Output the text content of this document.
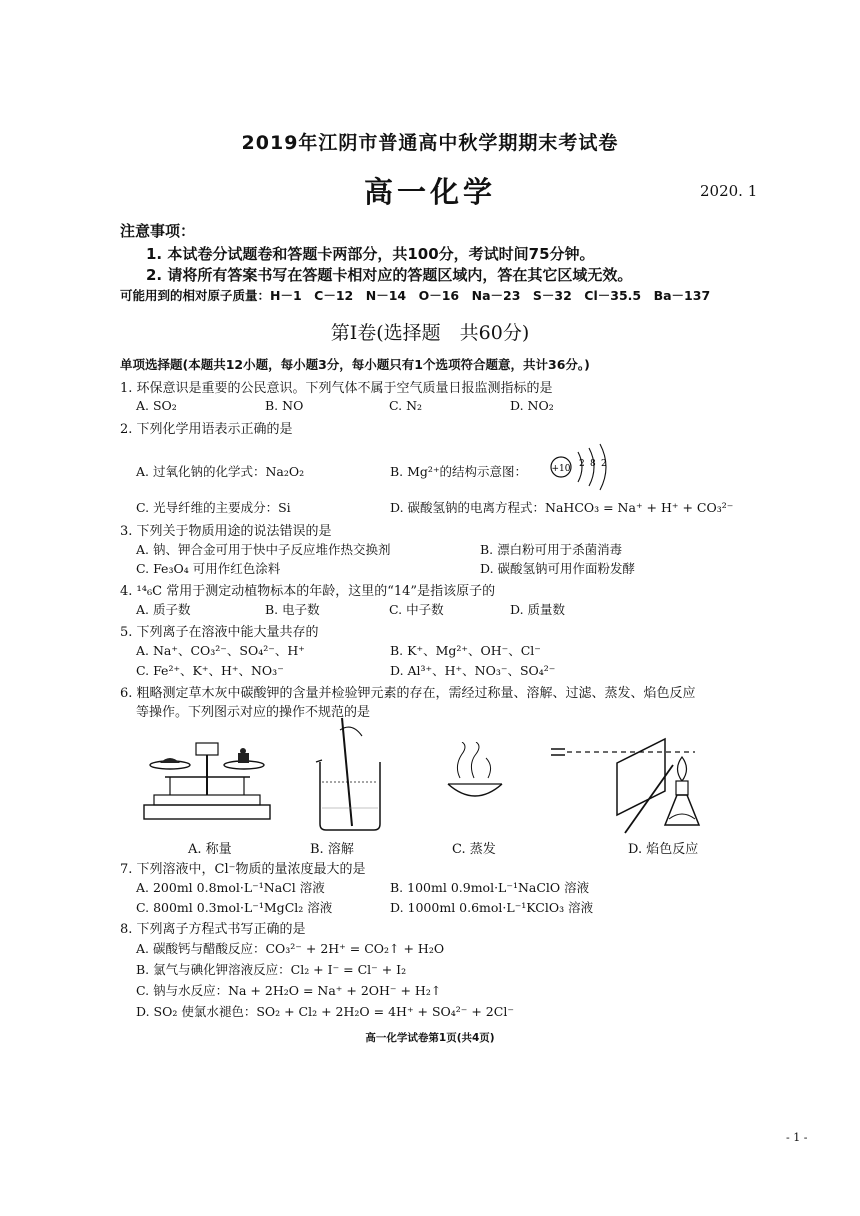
2019年江阴市普通高中秋学期期末考试卷
高一化学	2020. 1
注意事项：
1. 本试卷分试题卷和答题卡两部分，共100分，考试时间75分钟。
2. 请将所有答案书写在答题卡相对应的答题区域内，答在其它区域无效。
可能用到的相对原子质量：H－1　C－12　N－14　O－16　Na－23　S－32　Cl－35.5　Ba－137
第Ⅰ卷(选择题　共60分)
单项选择题(本题共12小题，每小题3分，每小题只有1个选项符合题意，共计36分。)
1. 环保意识是重要的公民意识。下列气体不属于空气质量日报监测指标的是
A. SO₂	B. NO	C. N₂	D. NO₂
2. 下列化学用语表示正确的是
A. 过氧化钠的化学式：Na₂O₂	B. Mg²⁺的结构示意图：	+10 2 8 2
C. 光导纤维的主要成分：Si	D. 碳酸氢钠的电离方程式：NaHCO₃ = Na⁺ + H⁺ + CO₃²⁻
3. 下列关于物质用途的说法错误的是
A. 钠、钾合金可用于快中子反应堆作热交换剂	B. 漂白粉可用于杀菌消毒
C. Fe₃O₄ 可用作红色涂料	D. 碳酸氢钠可用作面粉发酵
4. ¹⁴₆C 常用于测定动植物标本的年龄，这里的“14”是指该原子的
A. 质子数	B. 电子数	C. 中子数	D. 质量数
5. 下列离子在溶液中能大量共存的
A. Na⁺、CO₃²⁻、SO₄²⁻、H⁺	B. K⁺、Mg²⁺、OH⁻、Cl⁻
C. Fe²⁺、K⁺、H⁺、NO₃⁻	D. Al³⁺、H⁺、NO₃⁻、SO₄²⁻
6. 粗略测定草木灰中碳酸钾的含量并检验钾元素的存在，需经过称量、溶解、过滤、蒸发、焰色反应
等操作。下列图示对应的操作不规范的是
A. 称量	B. 溶解	C. 蒸发	D. 焰色反应
7. 下列溶液中，Cl⁻物质的量浓度最大的是
A. 200ml 0.8mol·L⁻¹NaCl 溶液	B. 100ml 0.9mol·L⁻¹NaClO 溶液
C. 800ml 0.3mol·L⁻¹MgCl₂ 溶液	D. 1000ml 0.6mol·L⁻¹KClO₃ 溶液
8. 下列离子方程式书写正确的是
A. 碳酸钙与醋酸反应：CO₃²⁻ + 2H⁺ = CO₂↑ + H₂O
B. 氯气与碘化钾溶液反应：Cl₂ + I⁻ = Cl⁻ + I₂
C. 钠与水反应：Na + 2H₂O = Na⁺ + 2OH⁻ + H₂↑
D. SO₂ 使氯水褪色：SO₂ + Cl₂ + 2H₂O = 4H⁺ + SO₄²⁻ + 2Cl⁻
高一化学试卷第1页(共4页)
- 1 -
